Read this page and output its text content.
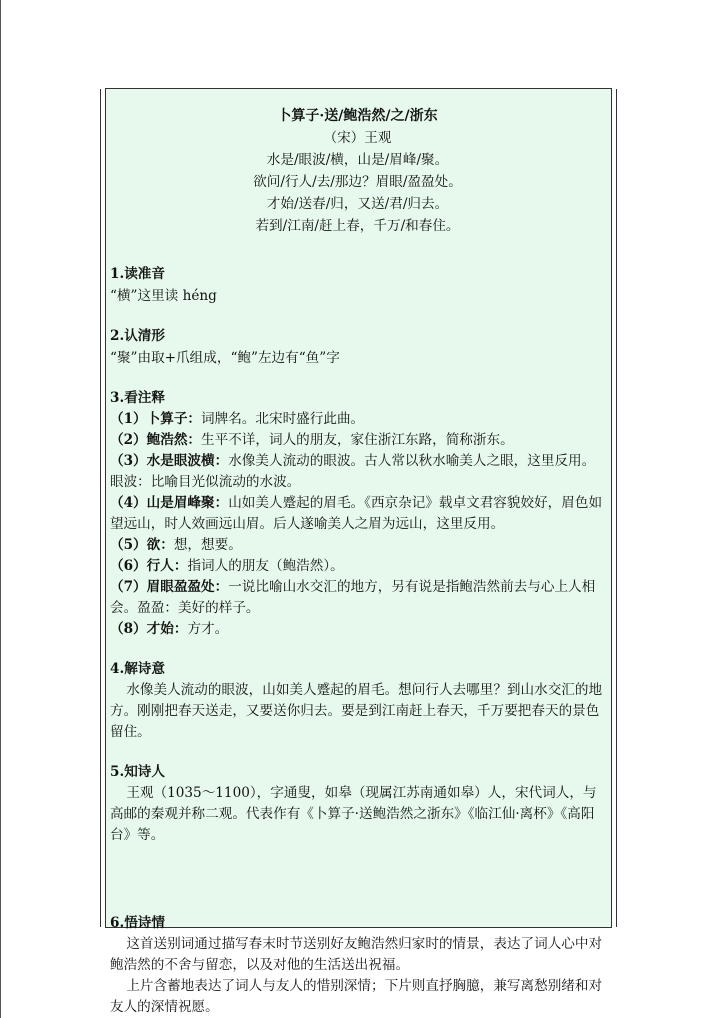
卜算子·送/鲍浩然/之/浙东
（宋）王观
水是/眼波/横，山是/眉峰/聚。
欲问/行人/去/那边？眉眼/盈盈处。
才始/送春/归，又送/君/归去。
若到/江南/赶上春，千万/和春住。
1.读准音
“横”这里读 héng
2.认清形
“聚”由取+爪组成，“鲍”左边有“鱼”字
3.看注释
（1）卜算子：词牌名。北宋时盛行此曲。
（2）鲍浩然：生平不详，词人的朋友，家住浙江东路，简称浙东。
（3）水是眼波横：水像美人流动的眼波。古人常以秋水喻美人之眼，这里反用。眼波：比喻目光似流动的水波。
（4）山是眉峰聚：山如美人蹙起的眉毛。《西京杂记》载卓文君容貌姣好，眉色如望远山，时人效画远山眉。后人遂喻美人之眉为远山，这里反用。
（5）欲：想，想要。
（6）行人：指词人的朋友（鲍浩然）。
（7）眉眼盈盈处：一说比喻山水交汇的地方，另有说是指鲍浩然前去与心上人相会。盈盈：美好的样子。
（8）才始：方才。
4.解诗意
水像美人流动的眼波，山如美人蹙起的眉毛。想问行人去哪里？到山水交汇的地方。刚刚把春天送走，又要送你归去。要是到江南赶上春天，千万要把春天的景色留住。
5.知诗人
王观（1035～1100），字通叟，如皋（现属江苏南通如皋）人，宋代词人，与高邮的秦观并称二观。代表作有《卜算子·送鲍浩然之浙东》《临江仙·离杯》《高阳台》等。
6.悟诗情
这首送别词通过描写春末时节送别好友鲍浩然归家时的情景，表达了词人心中对鲍浩然的不舍与留恋，以及对他的生活送出祝福。
上片含蓄地表达了词人与友人的惜别深情；下片则直抒胸臆，兼写离愁别绪和对友人的深情祝愿。
